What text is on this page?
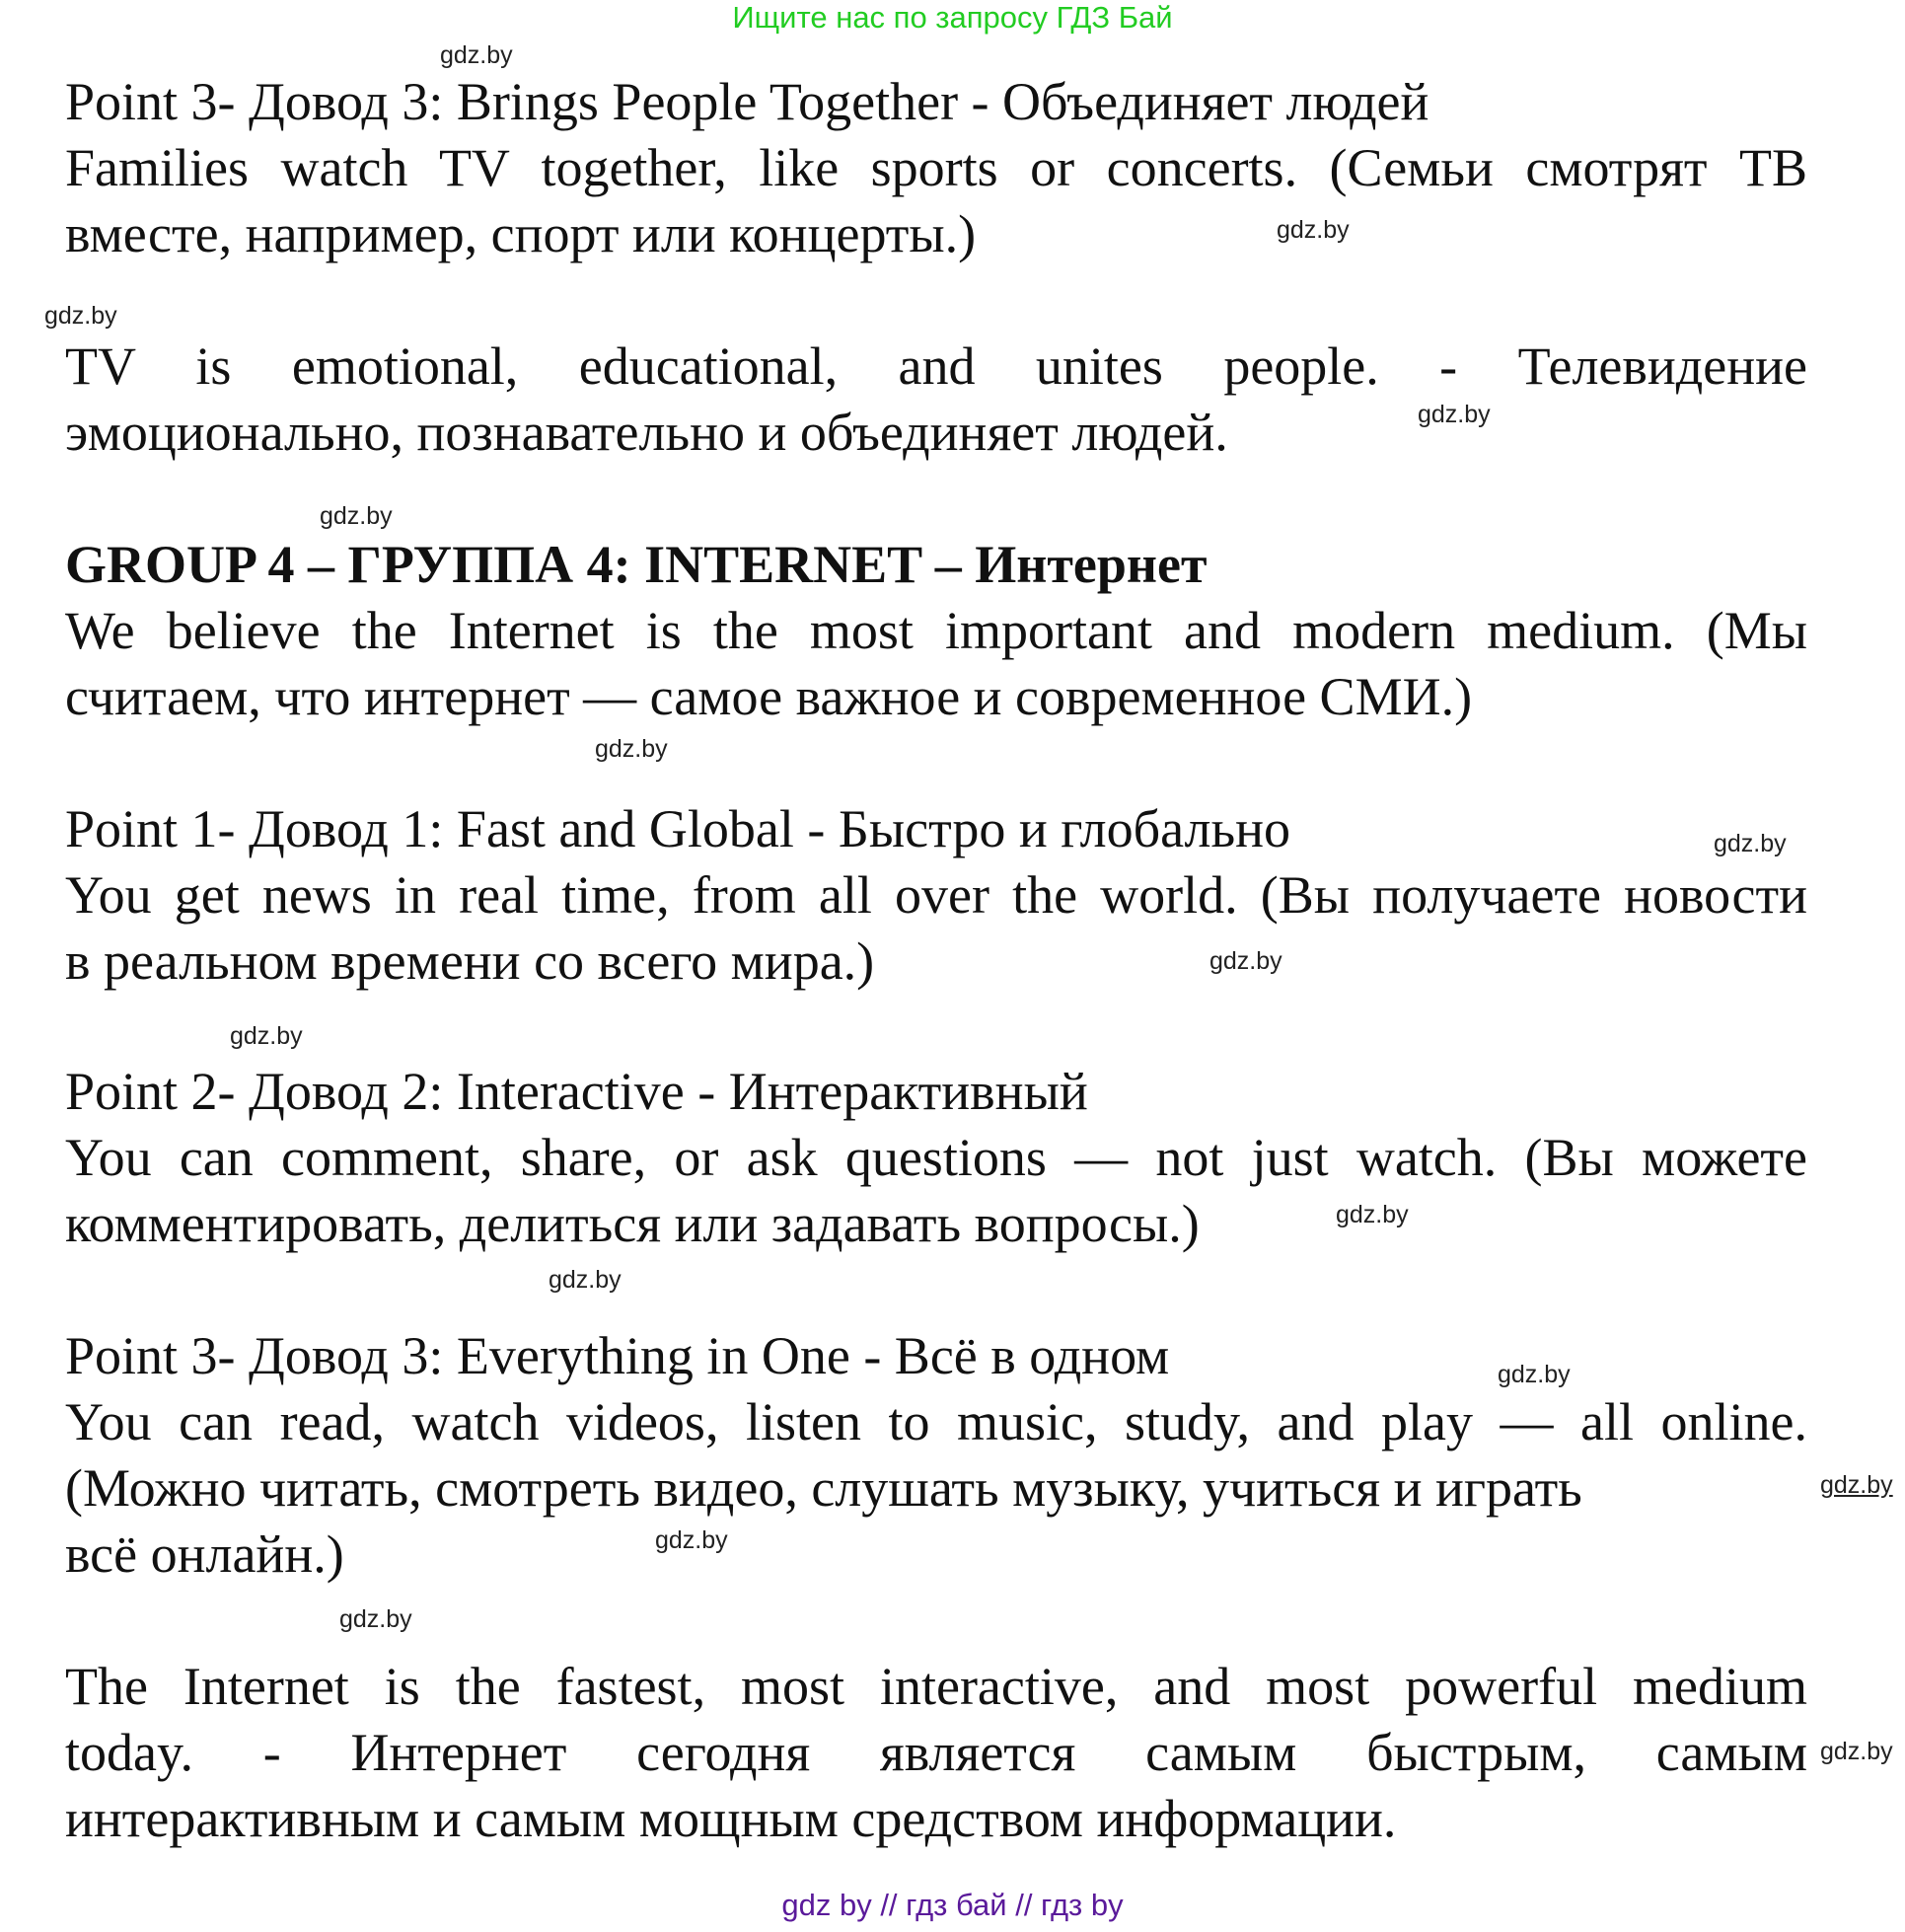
Ищите нас по запросу ГДЗ Бай
Point 3- Довод 3: Brings People Together - Объединяет людей
Families watch TV together, like sports or concerts. (Семьи смотрят ТВ
вместе, например, спорт или концерты.)
TV is emotional, educational, and unites people. - Телевидение
эмоционально, познавательно и объединяет людей.
GROUP 4 – ГРУППА 4: INTERNET – Интернет
We believe the Internet is the most important and modern medium. (Мы
считаем, что интернет — самое важное и современное СМИ.)
Point 1- Довод 1: Fast and Global - Быстро и глобально
You get news in real time, from all over the world. (Вы получаете новости
в реальном времени со всего мира.)
Point 2- Довод 2: Interactive - Интерактивный
You can comment, share, or ask questions — not just watch. (Вы можете
комментировать, делиться или задавать вопросы.)
Point 3- Довод 3: Everything in One - Всё в одном
You can read, watch videos, listen to music, study, and play — all online.
(Можно читать, смотреть видео, слушать музыку, учиться и играть
всё онлайн.)
The Internet is the fastest, most interactive, and most powerful medium
today. - Интернет сегодня является самым быстрым, самым
интерактивным и самым мощным средством информации.
gdz.by
gdz.by
gdz.by
gdz.by
gdz.by
gdz.by
gdz.by
gdz.by
gdz.by
gdz.by
gdz.by
gdz.by
gdz.by
gdz.by
gdz.by
gdz.by
gdz by // гдз бай // гдз by
